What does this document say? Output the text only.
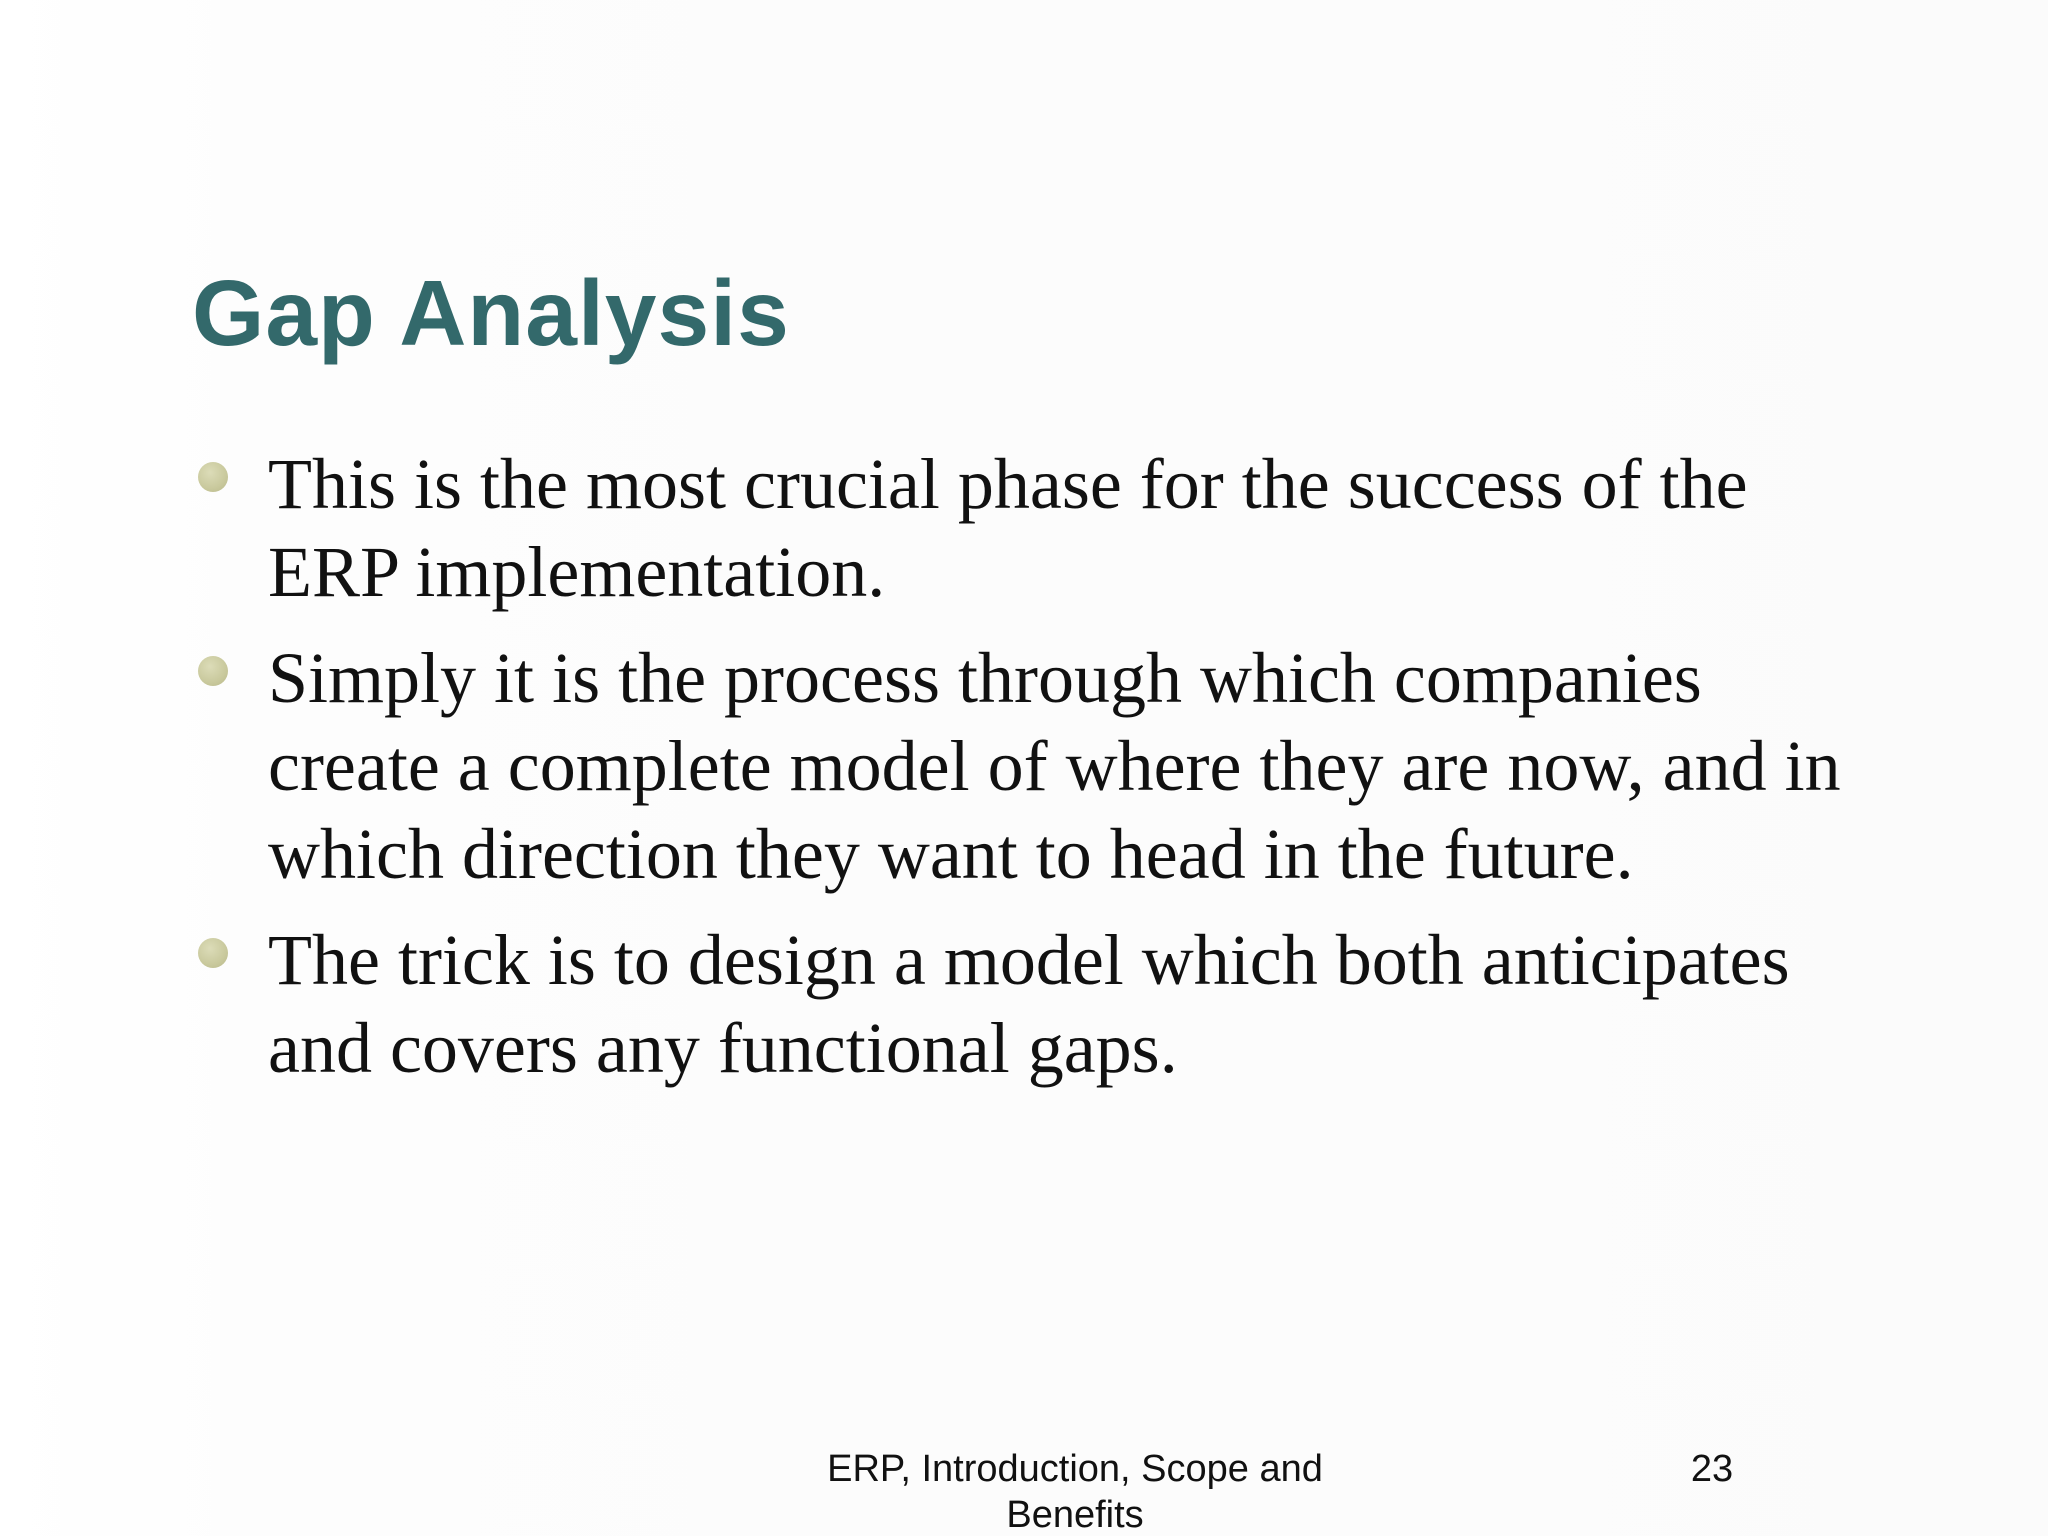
Gap Analysis
This is the most crucial phase for the success of the ERP implementation.
Simply it is the process through which companies create a complete model of where they are now, and in which direction they want to head in the future.
The trick is to design a model which both anticipates and covers any functional gaps.
ERP, Introduction, Scope and Benefits
23
